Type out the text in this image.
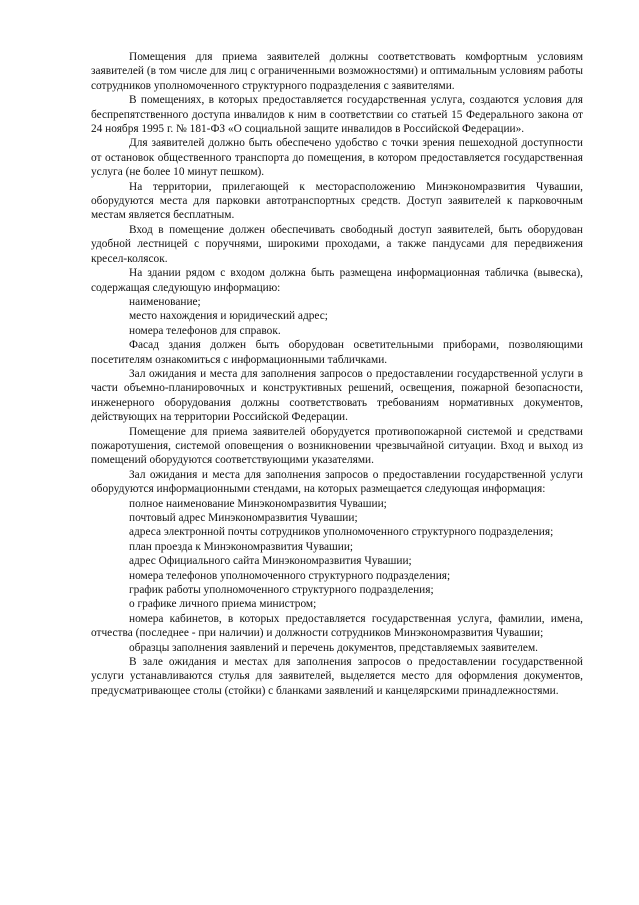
Помещения для приема заявителей должны соответствовать комфортным условиям заявителей (в том числе для лиц с ограниченными возможностями) и оптимальным условиям работы сотрудников уполномоченного структурного подразделения с заявителями.

В помещениях, в которых предоставляется государственная услуга, создаются условия для беспрепятственного доступа инвалидов к ним в соответствии со статьей 15 Федерального закона от 24 ноября 1995 г. № 181-ФЗ «О социальной защите инвалидов в Российской Федерации».

Для заявителей должно быть обеспечено удобство с точки зрения пешеходной доступности от остановок общественного транспорта до помещения, в котором предоставляется государственная услуга (не более 10 минут пешком).

На территории, прилегающей к месторасположению Минэкономразвития Чувашии, оборудуются места для парковки автотранспортных средств. Доступ заявителей к парковочным местам является бесплатным.

Вход в помещение должен обеспечивать свободный доступ заявителей, быть оборудован удобной лестницей с поручнями, широкими проходами, а также пандусами для передвижения кресел-колясок.

На здании рядом с входом должна быть размещена информационная табличка (вывеска), содержащая следующую информацию:

наименование;

место нахождения и юридический адрес;

номера телефонов для справок.

Фасад здания должен быть оборудован осветительными приборами, позволяющими посетителям ознакомиться с информационными табличками.

Зал ожидания и места для заполнения запросов о предоставлении государственной услуги в части объемно-планировочных и конструктивных решений, освещения, пожарной безопасности, инженерного оборудования должны соответствовать требованиям нормативных документов, действующих на территории Российской Федерации.

Помещение для приема заявителей оборудуется противопожарной системой и средствами пожаротушения, системой оповещения о возникновении чрезвычайной ситуации. Вход и выход из помещений оборудуются соответствующими указателями.

Зал ожидания и места для заполнения запросов о предоставлении государственной услуги оборудуются информационными стендами, на которых размещается следующая информация:

полное наименование Минэкономразвития Чувашии;

почтовый адрес Минэкономразвития Чувашии;

адреса электронной почты сотрудников уполномоченного структурного подразделения;

план проезда к Минэкономразвития Чувашии;

адрес Официального сайта Минэкономразвития Чувашии;

номера телефонов уполномоченного структурного подразделения;

график работы уполномоченного структурного подразделения;

о графике личного приема министром;

номера кабинетов, в которых предоставляется государственная услуга, фамилии, имена, отчества (последнее - при наличии) и должности сотрудников Минэкономразвития Чувашии;

образцы заполнения заявлений и перечень документов, представляемых заявителем.

В зале ожидания и местах для заполнения запросов о предоставлении государственной услуги устанавливаются стулья для заявителей, выделяется место для оформления документов, предусматривающее столы (стойки) с бланками заявлений и канцелярскими принадлежностями.
